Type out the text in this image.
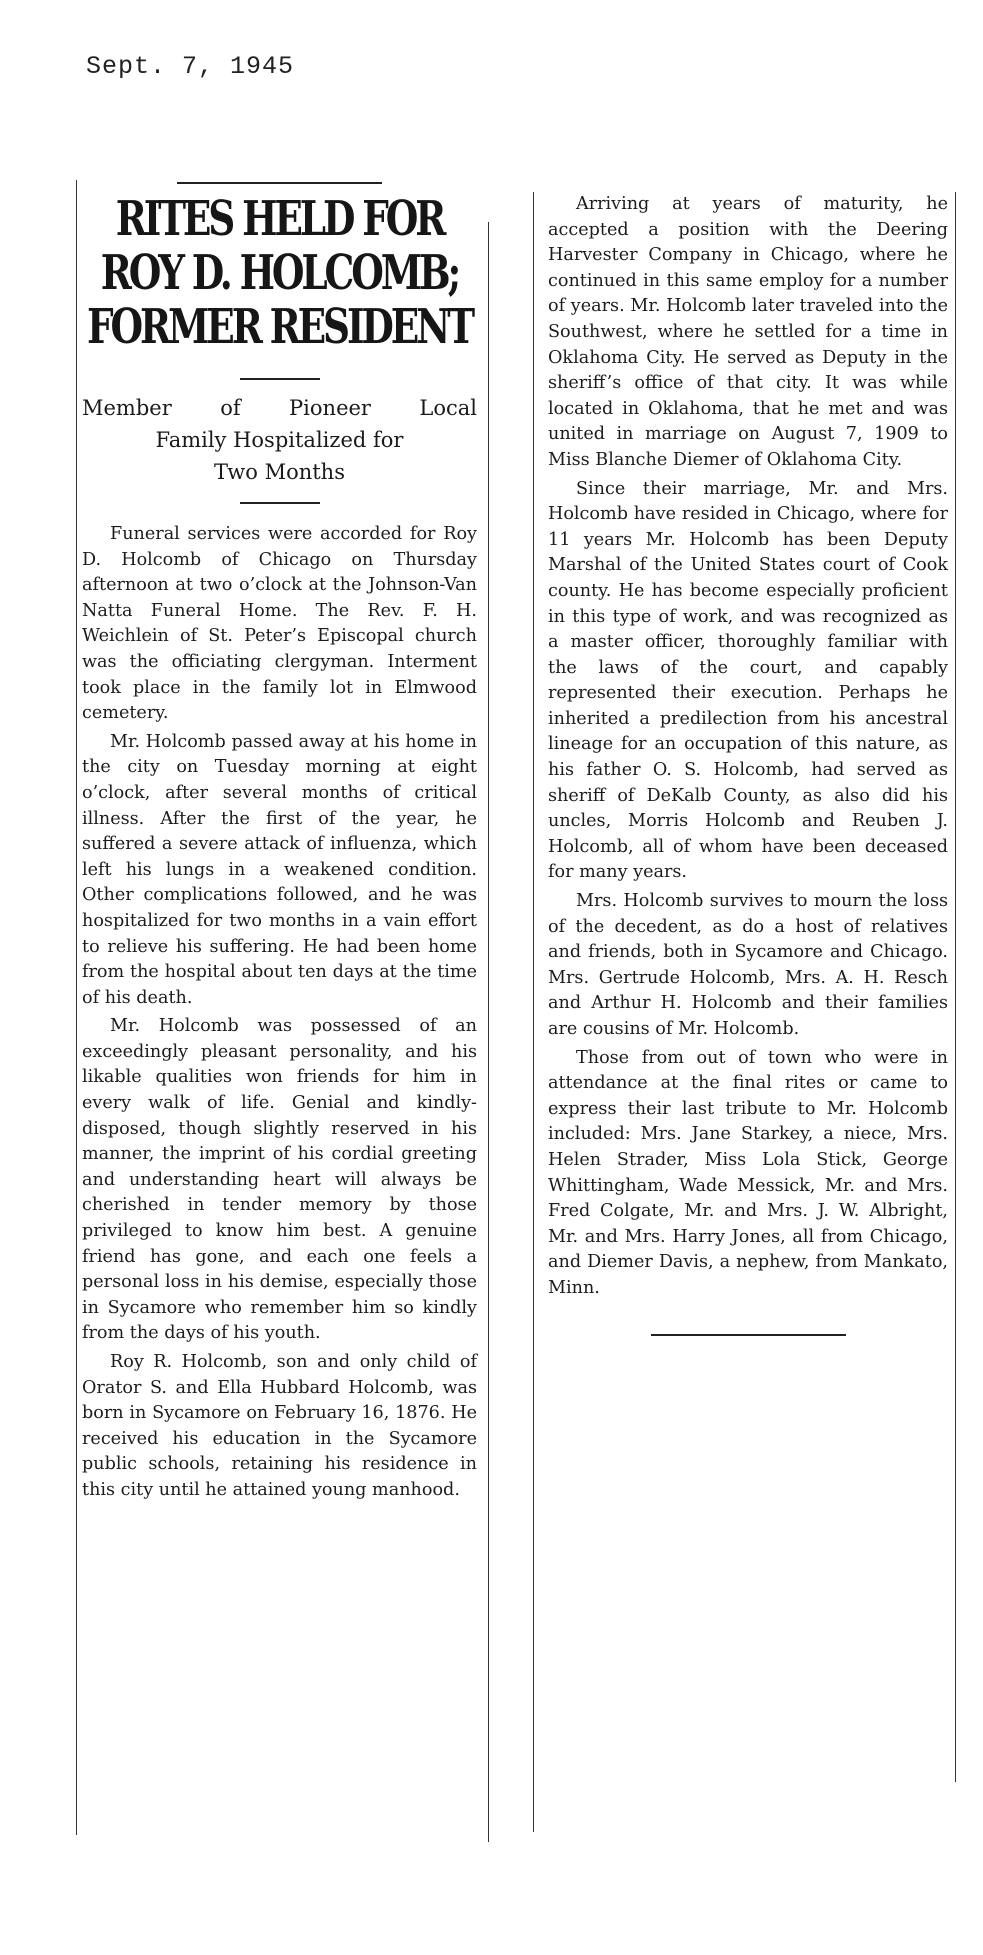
Sept. 7, 1945
RITES HELD FOR
ROY D. HOLCOMB;
FORMER RESIDENT
Member of Pioneer Local
Family Hospitalized for
Two Months

Funeral services were accorded for Roy D. Holcomb of Chicago on Thursday afternoon at two o’clock at the Johnson-Van Natta Funeral Home. The Rev. F. H. Weichlein of St. Peter’s Episcopal church was the officiating clergyman. Interment took place in the family lot in Elmwood cemetery.

Mr. Holcomb passed away at his home in the city on Tuesday morning at eight o’clock, after several months of critical illness. After the first of the year, he suffered a severe attack of influenza, which left his lungs in a weakened condition. Other complications followed, and he was hospitalized for two months in a vain effort to relieve his suffering. He had been home from the hospital about ten days at the time of his death.

Mr. Holcomb was possessed of an exceedingly pleasant personality, and his likable qualities won friends for him in every walk of life. Genial and kindly-disposed, though slightly reserved in his manner, the imprint of his cordial greeting and understanding heart will always be cherished in tender memory by those privileged to know him best. A genuine friend has gone, and each one feels a personal loss in his demise, especially those in Sycamore who remember him so kindly from the days of his youth.

Roy R. Holcomb, son and only child of Orator S. and Ella Hubbard Holcomb, was born in Sycamore on February 16, 1876. He received his education in the Sycamore public schools, retaining his residence in this city until he attained young manhood.

Arriving at years of maturity, he accepted a position with the Deering Harvester Company in Chicago, where he continued in this same employ for a number of years. Mr. Holcomb later traveled into the Southwest, where he settled for a time in Oklahoma City. He served as Deputy in the sheriff’s office of that city. It was while located in Oklahoma, that he met and was united in marriage on August 7, 1909 to Miss Blanche Diemer of Oklahoma City.

Since their marriage, Mr. and Mrs. Holcomb have resided in Chicago, where for 11 years Mr. Holcomb has been Deputy Marshal of the United States court of Cook county. He has become especially proficient in this type of work, and was recognized as a master officer, thoroughly familiar with the laws of the court, and capably represented their execution. Perhaps he inherited a predilection from his ancestral lineage for an occupation of this nature, as his father O. S. Holcomb, had served as sheriff of DeKalb County, as also did his uncles, Morris Holcomb and Reuben J. Holcomb, all of whom have been deceased for many years.

Mrs. Holcomb survives to mourn the loss of the decedent, as do a host of relatives and friends, both in Sycamore and Chicago. Mrs. Gertrude Holcomb, Mrs. A. H. Resch and Arthur H. Holcomb and their families are cousins of Mr. Holcomb.

Those from out of town who were in attendance at the final rites or came to express their last tribute to Mr. Holcomb included: Mrs. Jane Starkey, a niece, Mrs. Helen Strader, Miss Lola Stick, George Whittingham, Wade Messick, Mr. and Mrs. Fred Colgate, Mr. and Mrs. J. W. Albright, Mr. and Mrs. Harry Jones, all from Chicago, and Diemer Davis, a nephew, from Mankato, Minn.
